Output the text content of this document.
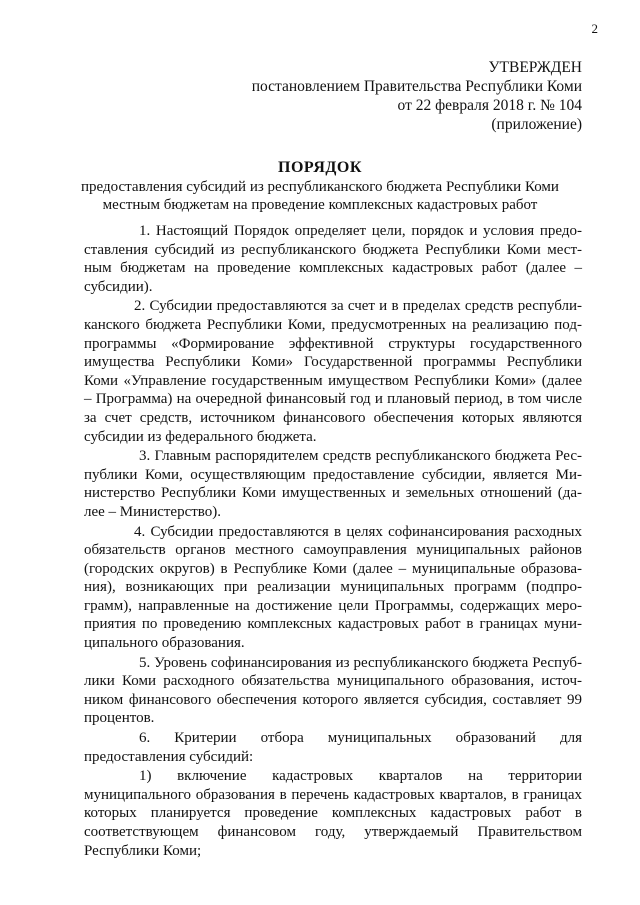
2
УТВЕРЖДЕН
постановлением Правительства Республики Коми
от 22 февраля 2018 г. № 104
(приложение)
ПОРЯДОК
предоставления субсидий из республиканского бюджета Республики Коми
местным бюджетам на проведение комплексных кадастровых работ

1. Настоящий Порядок определяет цели, порядок и условия предоставления субсидий из республиканского бюджета Республики Коми местным бюджетам на проведение комплексных кадастровых работ (далее – субсидии).

2. Субсидии предоставляются за счет и в пределах средств республиканского бюджета Республики Коми, предусмотренных на реализацию подпрограммы «Формирование эффективной структуры государственного имущества Республики Коми» Государственной программы Республики Коми «Управление государственным имуществом Республики Коми» (далее – Программа) на очередной финансовый год и плановый период, в том числе за счет средств, источником финансового обеспечения которых являются субсидии из федерального бюджета.

3. Главным распорядителем средств республиканского бюджета Республики Коми, осуществляющим предоставление субсидии, является Министерство Республики Коми имущественных и земельных отношений (далее – Министерство).

4. Субсидии предоставляются в целях софинансирования расходных обязательств органов местного самоуправления муниципальных районов (городских округов) в Республике Коми (далее – муниципальные образования), возникающих при реализации муниципальных программ (подпрограмм), направленные на достижение цели Программы, содержащих мероприятия по проведению комплексных кадастровых работ в границах муниципального образования.

5. Уровень софинансирования из республиканского бюджета Республики Коми расходного обязательства муниципального образования, источником финансового обеспечения которого является субсидия, составляет 99 процентов.

6. Критерии отбора муниципальных образований для предоставления субсидий:

1) включение кадастровых кварталов на территории муниципального образования в перечень кадастровых кварталов, в границах которых планируется проведение комплексных кадастровых работ в соответствующем финансовом году, утверждаемый Правительством Республики Коми;
